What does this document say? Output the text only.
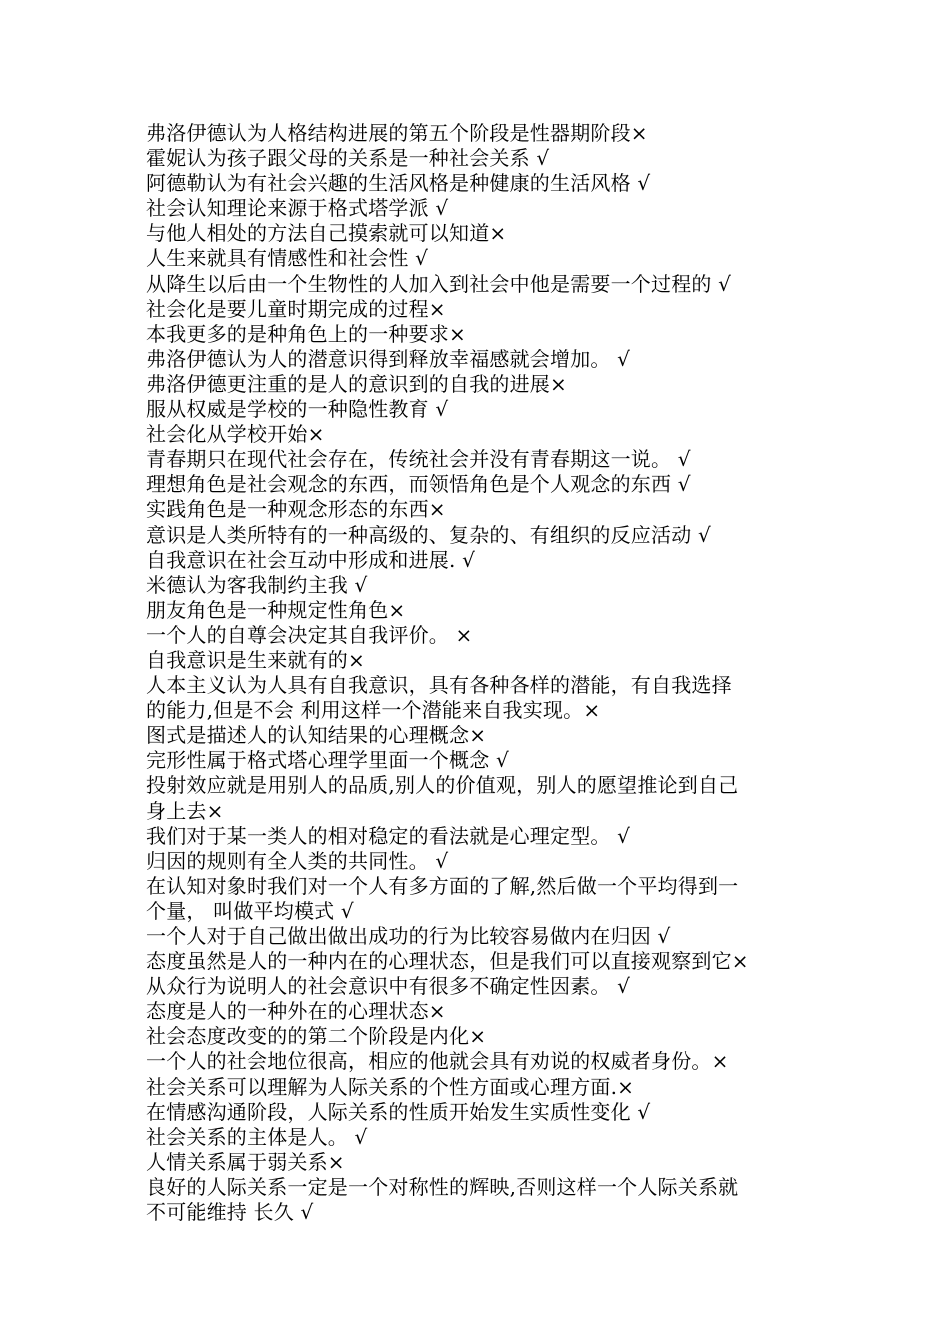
弗洛伊德认为人格结构进展的第五个阶段是性器期阶段×
霍妮认为孩子跟父母的关系是一种社会关系 √
阿德勒认为有社会兴趣的生活风格是种健康的生活风格 √
社会认知理论来源于格式塔学派 √
与他人相处的方法自己摸索就可以知道×
人生来就具有情感性和社会性 √
从降生以后由一个生物性的人加入到社会中他是需要一个过程的 √
社会化是要儿童时期完成的过程×
本我更多的是种角色上的一种要求×
弗洛伊德认为人的潜意识得到释放幸福感就会增加。 √
弗洛伊德更注重的是人的意识到的自我的进展×
服从权威是学校的一种隐性教育 √
社会化从学校开始×
青春期只在现代社会存在，传统社会并没有青春期这一说。 √
理想角色是社会观念的东西，而领悟角色是个人观念的东西 √
实践角色是一种观念形态的东西×
意识是人类所特有的一种高级的、复杂的、有组织的反应活动 √
自我意识在社会互动中形成和进展. √
米德认为客我制约主我 √
朋友角色是一种规定性角色×
一个人的自尊会决定其自我评价。 ×
自我意识是生来就有的×
人本主义认为人具有自我意识，具有各种各样的潜能，有自我选择
的能力,但是不会 利用这样一个潜能来自我实现。×
图式是描述人的认知结果的心理概念×
完形性属于格式塔心理学里面一个概念 √
投射效应就是用别人的品质,别人的价值观，别人的愿望推论到自己
身上去×
我们对于某一类人的相对稳定的看法就是心理定型。 √
归因的规则有全人类的共同性。 √
在认知对象时我们对一个人有多方面的了解,然后做一个平均得到一
个量， 叫做平均模式 √
一个人对于自己做出做出成功的行为比较容易做内在归因 √
态度虽然是人的一种内在的心理状态，但是我们可以直接观察到它×
从众行为说明人的社会意识中有很多不确定性因素。 √
态度是人的一种外在的心理状态×
社会态度改变的的第二个阶段是内化×
一个人的社会地位很高，相应的他就会具有劝说的权威者身份。×
社会关系可以理解为人际关系的个性方面或心理方面.×
在情感沟通阶段，人际关系的性质开始发生实质性变化 √
社会关系的主体是人。 √
人情关系属于弱关系×
良好的人际关系一定是一个对称性的辉映,否则这样一个人际关系就
不可能维持 长久 √
